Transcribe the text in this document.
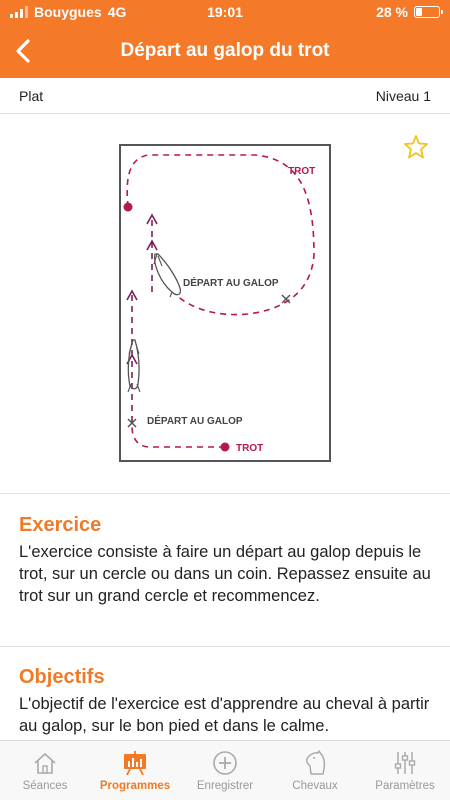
Bouygues 4G	19:01	28 %
Départ au galop du trot
Plat	Niveau 1
TROT
DÉPART AU GALOP
DÉPART AU GALOP
TROT
Exercice

L'exercice consiste à faire un départ au galop depuis le trot, sur un cercle ou dans un coin. Repassez ensuite au trot sur un grand cercle et recommencez.

Objectifs

L'objectif de l'exercice est d'apprendre au cheval à partir au galop, sur le bon pied et dans le calme.

Séances	Programmes Enregistrer	Chevaux	Paramètres
